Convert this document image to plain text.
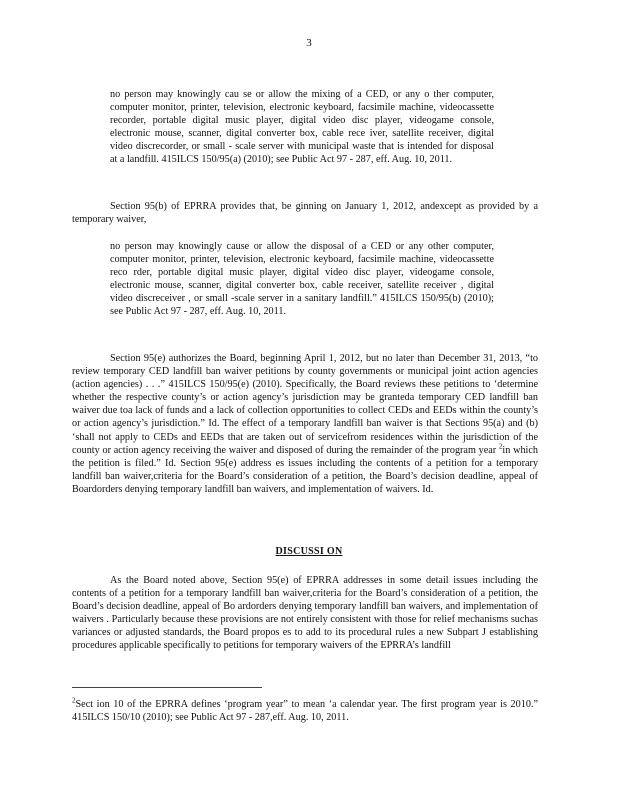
3

no person may knowingly cau se or allow the mixing of a CED, or any o ther computer, computer monitor, printer, television, electronic keyboard, facsimile machine, videocassette recorder, portable digital music player, digital video disc player, videogame console, electronic mouse, scanner, digital converter box, cable rece iver, satellite receiver, digital video discrecorder, or small - scale server with municipal waste that is intended for disposal at a landfill. 415ILCS 150/95(a) (2010); see Public Act 97 - 287, eff. Aug. 10, 2011.

Section 95(b) of EPRRA provides that, be ginning on January 1, 2012, andexcept as provided by a temporary waiver,

no person may knowingly cause or allow the disposal of a CED or any other computer, computer monitor, printer, television, electronic keyboard, facsimile machine, videocassette reco rder, portable digital music player, digital video disc player, videogame console, electronic mouse, scanner, digital converter box, cable receiver, satellite receiver , digital video discreceiver , or small -scale server in a sanitary landfill.” 415ILCS 150/95(b) (2010); see Public Act 97 - 287, eff. Aug. 10, 2011.

Section 95(e) authorizes the Board, beginning April 1, 2012, but no later than December 31, 2013, “to review temporary CED landfill ban waiver petitions by county governments or municipal joint action agencies (action agencies) . . .” 415ILCS 150/95(e) (2010). Specifically, the Board reviews these petitions to ‘determine whether the respective county’s or action agency’s jurisdiction may be granteda temporary CED landfill ban waiver due toa lack of funds and a lack of collection opportunities to collect CEDs and EEDs within the county’s or action agency’s jurisdiction.” Id. The effect of a temporary landfill ban waiver is that Sections 95(a) and (b) ‘shall not apply to CEDs and EEDs that are taken out of servicefrom residences within the jurisdiction of the county or action agency receiving the waiver and disposed of during the remainder of the program year $^2$in which the petition is filed.” Id. Section 95(e) address es issues including the contents of a petition for a temporary landfill ban waiver,criteria for the Board’s consideration of a petition, the Board’s decision deadline, appeal of Boardorders denying temporary landfill ban waivers, and implementation of waivers. Id.

DISCUSSI ON

As the Board noted above, Section 95(e) of EPRRA addresses in some detail issues including the contents of a petition for a temporary landfill ban waiver,criteria for the Board’s consideration of a petition, the Board’s decision deadline, appeal of Bo ardorders denying temporary landfill ban waivers, and implementation of waivers . Particularly because these provisions are not entirely consistent with those for relief mechanisms suchas variances or adjusted standards, the Board propos es to add to its procedural rules a new Subpart J establishing procedures applicable specifically to petitions for temporary waivers of the EPRRA’s landfill

$^2$Sect ion 10 of the EPRRA defines ‘program year” to mean ‘a calendar year. The first program year is 2010.” 415ILCS 150/10 (2010); see Public Act 97 - 287,eff. Aug. 10, 2011.
